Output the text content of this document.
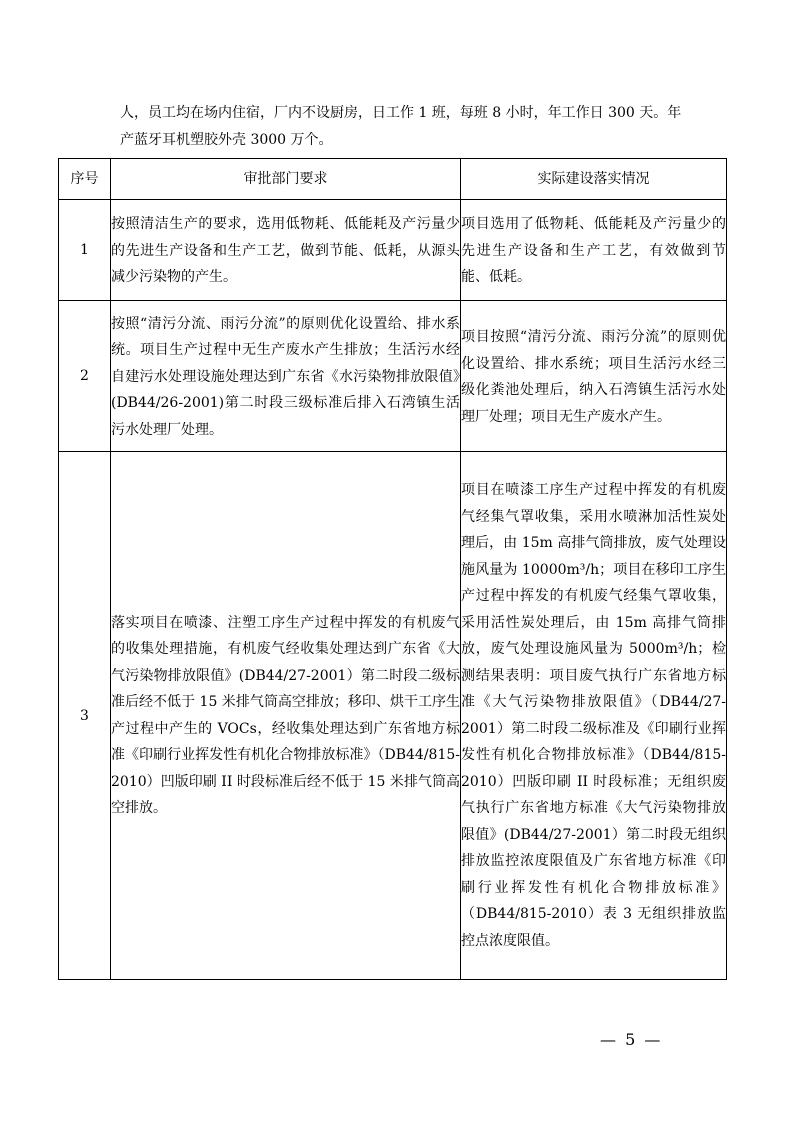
人，员工均在场内住宿，厂内不设厨房，日工作 1 班，每班 8 小时，年工作日 300 天。年
产蓝牙耳机塑胶外壳 3000 万个。
序号	审批部门要求	实际建设落实情况
1	按照清洁生产的要求，选用低物耗、低能耗及产污量少的先进生产设备和生产工艺，做到节能、低耗，从源头减少污染物的产生。	项目选用了低物耗、低能耗及产污量少的先进生产设备和生产工艺，有效做到节能、低耗。
2	按照“清污分流、雨污分流”的原则优化设置给、排水系统。项目生产过程中无生产废水产生排放；生活污水经自建污水处理设施处理达到广东省《水污染物排放限值》(DB44/26-2001)第二时段三级标准后排入石湾镇生活污水处理厂处理。	项目按照“清污分流、雨污分流”的原则优化设置给、排水系统；项目生活污水经三级化粪池处理后，纳入石湾镇生活污水处理厂处理；项目无生产废水产生。
3	落实项目在喷漆、注塑工序生产过程中挥发的有机废气的收集处理措施，有机废气经收集处理达到广东省《大气污染物排放限值》(DB44/27-2001）第二时段二级标准后经不低于 15 米排气筒高空排放；移印、烘干工序生产过程中产生的 VOCs，经收集处理达到广东省地方标准《印刷行业挥发性有机化合物排放标准》（DB44/815-2010）凹版印刷 II 时段标准后经不低于 15 米排气筒高空排放。	项目在喷漆工序生产过程中挥发的有机废气经集气罩收集，采用水喷淋加活性炭处理后，由 15m 高排气筒排放，废气处理设施风量为 10000m³/h；项目在移印工序生产过程中挥发的有机废气经集气罩收集，采用活性炭处理后，由 15m 高排气筒排放，废气处理设施风量为 5000m³/h；检测结果表明：项目废气执行广东省地方标准《大气污染物排放限值》（DB44/27-2001）第二时段二级标准及《印刷行业挥发性有机化合物排放标准》（DB44/815-2010）凹版印刷 II 时段标准；无组织废气执行广东省地方标准《大气污染物排放限值》(DB44/27-2001）第二时段无组织排放监控浓度限值及广东省地方标准《印刷行业挥发性有机化合物排放标准》（DB44/815-2010）表 3 无组织排放监控点浓度限值。
— 5 —
